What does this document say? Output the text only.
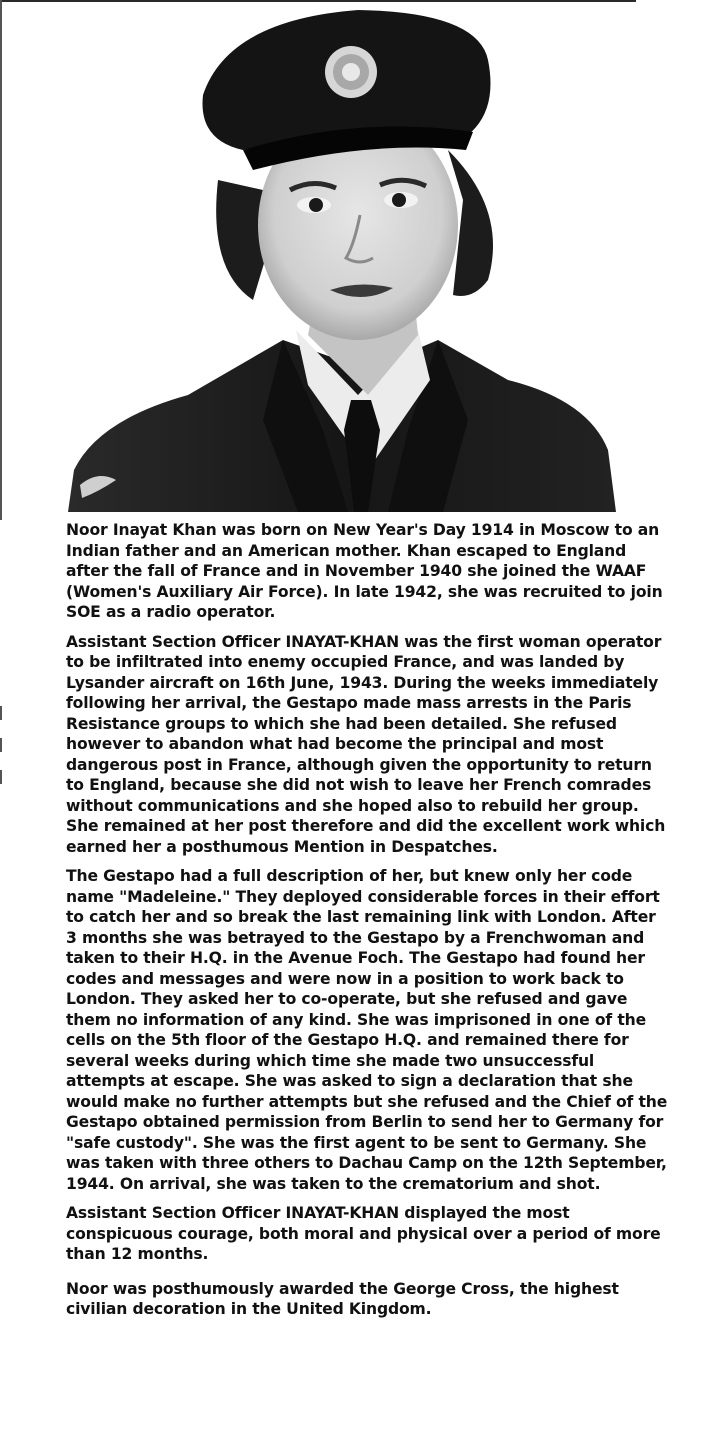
Noor Inayat Khan was born on New Year's Day 1914 in Moscow to an Indian father and an American mother. Khan escaped to England after the fall of France and in November 1940 she joined the WAAF (Women's Auxiliary Air Force). In late 1942, she was recruited to join SOE as a radio operator.

Assistant Section Officer INAYAT-KHAN was the first woman operator to be infiltrated into enemy occupied France, and was landed by Lysander aircraft on 16th June, 1943. During the weeks immediately following her arrival, the Gestapo made mass arrests in the Paris Resistance groups to which she had been detailed. She refused however to abandon what had become the principal and most dangerous post in France, although given the opportunity to return to England, because she did not wish to leave her French comrades without communications and she hoped also to rebuild her group. She remained at her post therefore and did the excellent work which earned her a posthumous Mention in Despatches.

The Gestapo had a full description of her, but knew only her code name "Madeleine." They deployed considerable forces in their effort to catch her and so break the last remaining link with London. After 3 months she was betrayed to the Gestapo by a Frenchwoman and taken to their H.Q. in the Avenue Foch. The Gestapo had found her codes and messages and were now in a position to work back to London. They asked her to co-operate, but she refused and gave them no information of any kind. She was imprisoned in one of the cells on the 5th floor of the Gestapo H.Q. and remained there for several weeks during which time she made two unsuccessful attempts at escape. She was asked to sign a declaration that she would make no further attempts but she refused and the Chief of the Gestapo obtained permission from Berlin to send her to Germany for "safe custody". She was the first agent to be sent to Germany. She was taken with three others to Dachau Camp on the 12th September, 1944. On arrival, she was taken to the crematorium and shot.

Assistant Section Officer INAYAT-KHAN displayed the most conspicuous courage, both moral and physical over a period of more than 12 months.

Noor was posthumously awarded the George Cross, the highest civilian decoration in the United Kingdom.
